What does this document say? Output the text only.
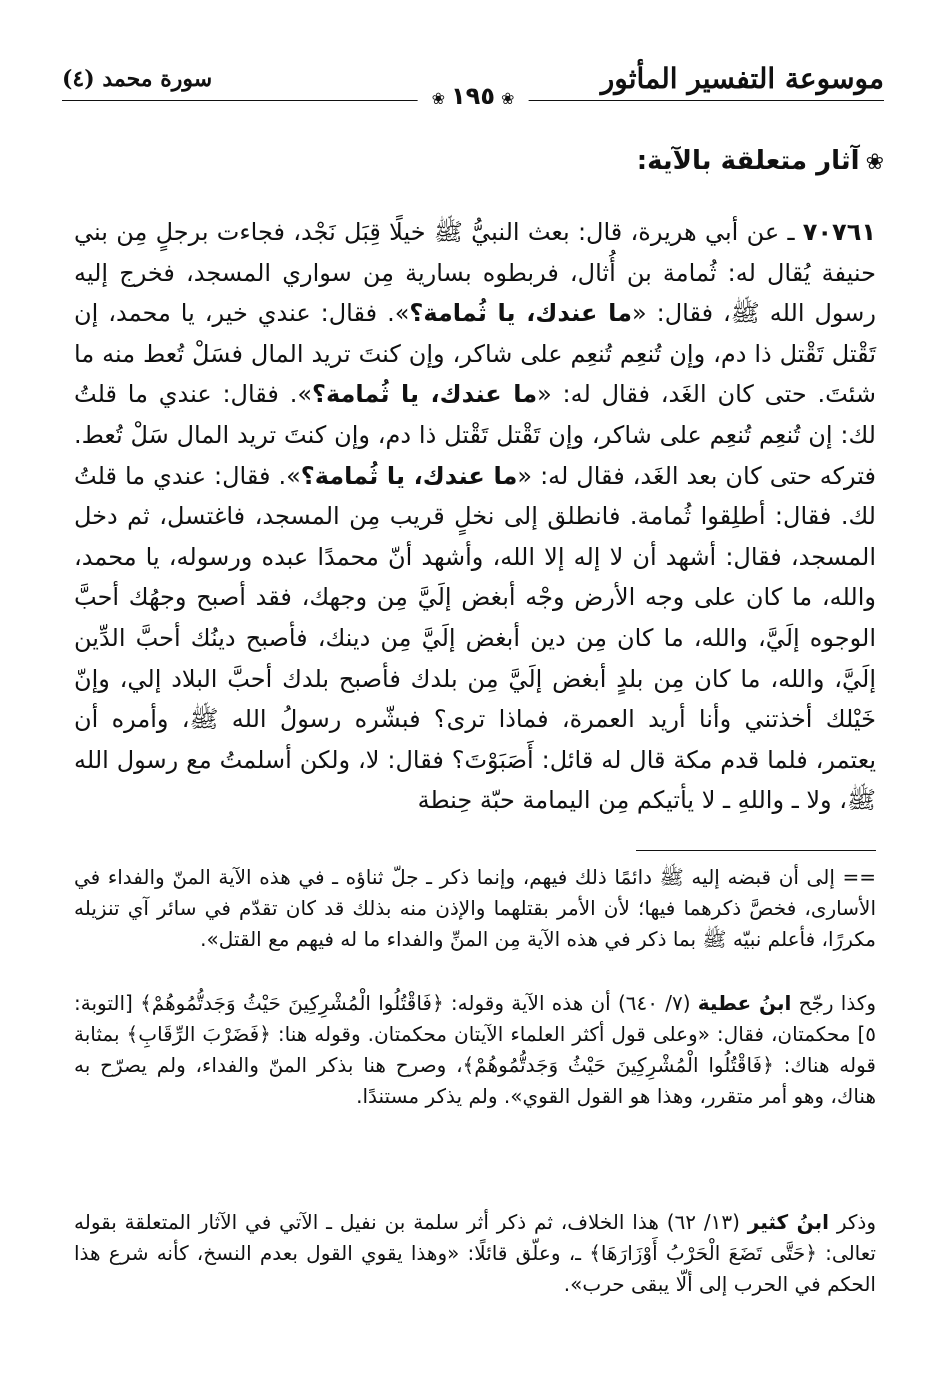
موسوعة التفسير المأثور
سورة محمد (٤)
❀١٩٥❀
❀آثار متعلقة بالآية:
٧٠٧٦١ ـ عن أبي هريرة، قال: بعث النبيُّ ﷺ خيلًا قِبَل نَجْد، فجاءت برجلٍ مِن بني حنيفة يُقال له: ثُمامة بن أُثال، فربطوه بسارية مِن سواري المسجد، فخرج إليه رسول الله ﷺ، فقال: «ما عندك، يا ثُمامة؟». فقال: عندي خير، يا محمد، إن تَقْتل تَقْتل ذا دم، وإن تُنعِم تُنعِم على شاكر، وإن كنتَ تريد المال فسَلْ تُعط منه ما شئتَ. حتى كان الغَد، فقال له: «ما عندك، يا ثُمامة؟». فقال: عندي ما قلتُ لك: إن تُنعِم تُنعِم على شاكر، وإن تَقْتل تَقْتل ذا دم، وإن كنتَ تريد المال سَلْ تُعط. فتركه حتى كان بعد الغَد، فقال له: «ما عندك، يا ثُمامة؟». فقال: عندي ما قلتُ لك. فقال: أطلِقوا ثُمامة. فانطلق إلى نخلٍ قريب مِن المسجد، فاغتسل، ثم دخل المسجد، فقال: أشهد أن لا إله إلا الله، وأشهد أنّ محمدًا عبده ورسوله، يا محمد، والله، ما كان على وجه الأرض وجْه أبغض إلَيَّ مِن وجهك، فقد أصبح وجهُك أحبَّ الوجوه إلَيَّ، والله، ما كان مِن دين أبغض إلَيَّ مِن دينك، فأصبح دينُك أحبَّ الدِّين إلَيَّ، والله، ما كان مِن بلدٍ أبغض إلَيَّ مِن بلدك فأصبح بلدك أحبَّ البلاد إلي، وإنّ خَيْلك أخذتني وأنا أريد العمرة، فماذا ترى؟ فبشّره رسولُ الله ﷺ، وأمره أن يعتمر، فلما قدم مكة قال له قائل: أَصَبَوْتَ؟ فقال: لا، ولكن أسلمتُ مع رسول الله ﷺ، ولا ـ واللهِ ـ لا يأتيكم مِن اليمامة حبّة حِنطة
== إلى أن قبضه إليه ﷺ دائمًا ذلك فيهم، وإنما ذكر ـ جلّ ثناؤه ـ في هذه الآية المنّ والفداء في الأسارى، فخصَّ ذكرهما فيها؛ لأن الأمر بقتلهما والإذن منه بذلك قد كان تقدّم في سائر آي تنزيله مكررًا، فأعلم نبيّه ﷺ بما ذكر في هذه الآية مِن المنِّ والفداء ما له فيهم مع القتل».
وكذا رجّح ابنُ عطية (٧/ ٦٤٠) أن هذه الآية وقوله: ﴿فَاقْتُلُوا الْمُشْرِكِينَ حَيْثُ وَجَدتُّمُوهُمْ﴾ [التوبة: ٥] محكمتان، فقال: «وعلى قول أكثر العلماء الآيتان محكمتان. وقوله هنا: ﴿فَضَرْبَ الرِّقَابِ﴾ بمثابة قوله هناك: ﴿فَاقْتُلُوا الْمُشْرِكِينَ حَيْثُ وَجَدتُّمُوهُمْ﴾، وصرح هنا بذكر المنّ والفداء، ولم يصرّح به هناك، وهو أمر متقرر، وهذا هو القول القوي». ولم يذكر مستندًا.
وذكر ابنُ كثير (١٣/ ٦٢) هذا الخلاف، ثم ذكر أثر سلمة بن نفيل ـ الآتي في الآثار المتعلقة بقوله تعالى: ﴿حَتَّى تَضَعَ الْحَرْبُ أَوْزَارَهَا﴾ ـ، وعلّق قائلًا: «وهذا يقوي القول بعدم النسخ، كأنه شرع هذا الحكم في الحرب إلى ألّا يبقى حرب».
